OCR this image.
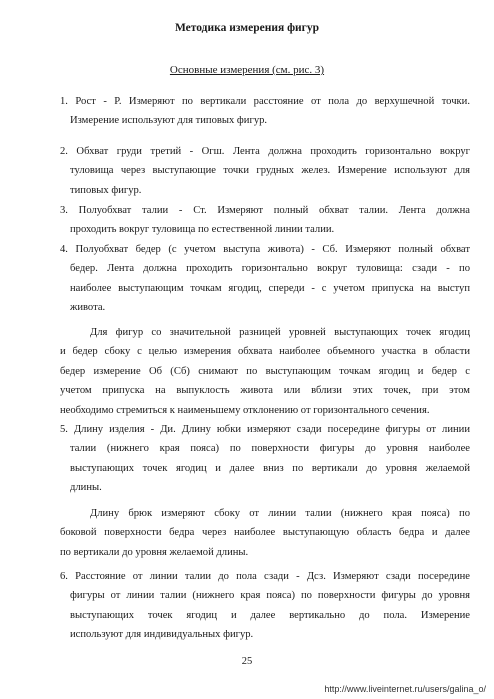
Методика измерения фигур
Основные измерения (см. рис. 3)
1. Рост - Р. Измеряют по вертикали расстояние от пола до верхушечной точки.
Измерение используют для типовых фигур.
2. Обхват груди третий - Огш. Лента должна проходить горизонтально вокруг
туловища через выступающие точки грудных желез. Измерение используют для
типовых фигур.
3. Полуобхват талии - Ст. Измеряют полный обхват талии. Лента должна
проходить вокруг туловища по естественной линии талии.
4. Полуобхват бедер (с учетом выступа живота) - Сб. Измеряют полный обхват
бедер. Лента должна проходить горизонтально вокруг туловища: сзади - по
наиболее выступающим точкам ягодиц, спереди - с учетом припуска на выступ
живота.
Для фигур со значительной разницей уровней выступающих точек ягодиц
и бедер сбоку с целью измерения обхвата наиболее объемного участка в области
бедер измерение Об (Сб) снимают по выступающим точкам ягодиц и бедер с
учетом припуска на выпуклость живота или вблизи этих точек, при этом
необходимо стремиться к наименьшему отклонению от горизонтального сечения.
5. Длину изделия - Ди. Длину юбки измеряют сзади посередине фигуры от линии
талии (нижнего края пояса) по поверхности фигуры до уровня наиболее
выступающих точек ягодиц и далее вниз по вертикали до уровня желаемой
длины.
Длину брюк измеряют сбоку от линии талии (нижнего края пояса) по
боковой поверхности бедра через наиболее выступающую область бедра и далее
по вертикали до уровня желаемой длины.
6. Расстояние от линии талии до пола сзади - Дсз. Измеряют сзади посередине
фигуры от линии талии (нижнего края пояса) по поверхности фигуры до уровня
выступающих точек ягодиц и далее вертикально до пола. Измерение
используют для индивидуальных фигур.
25
http://www.liveinternet.ru/users/galina_o/
